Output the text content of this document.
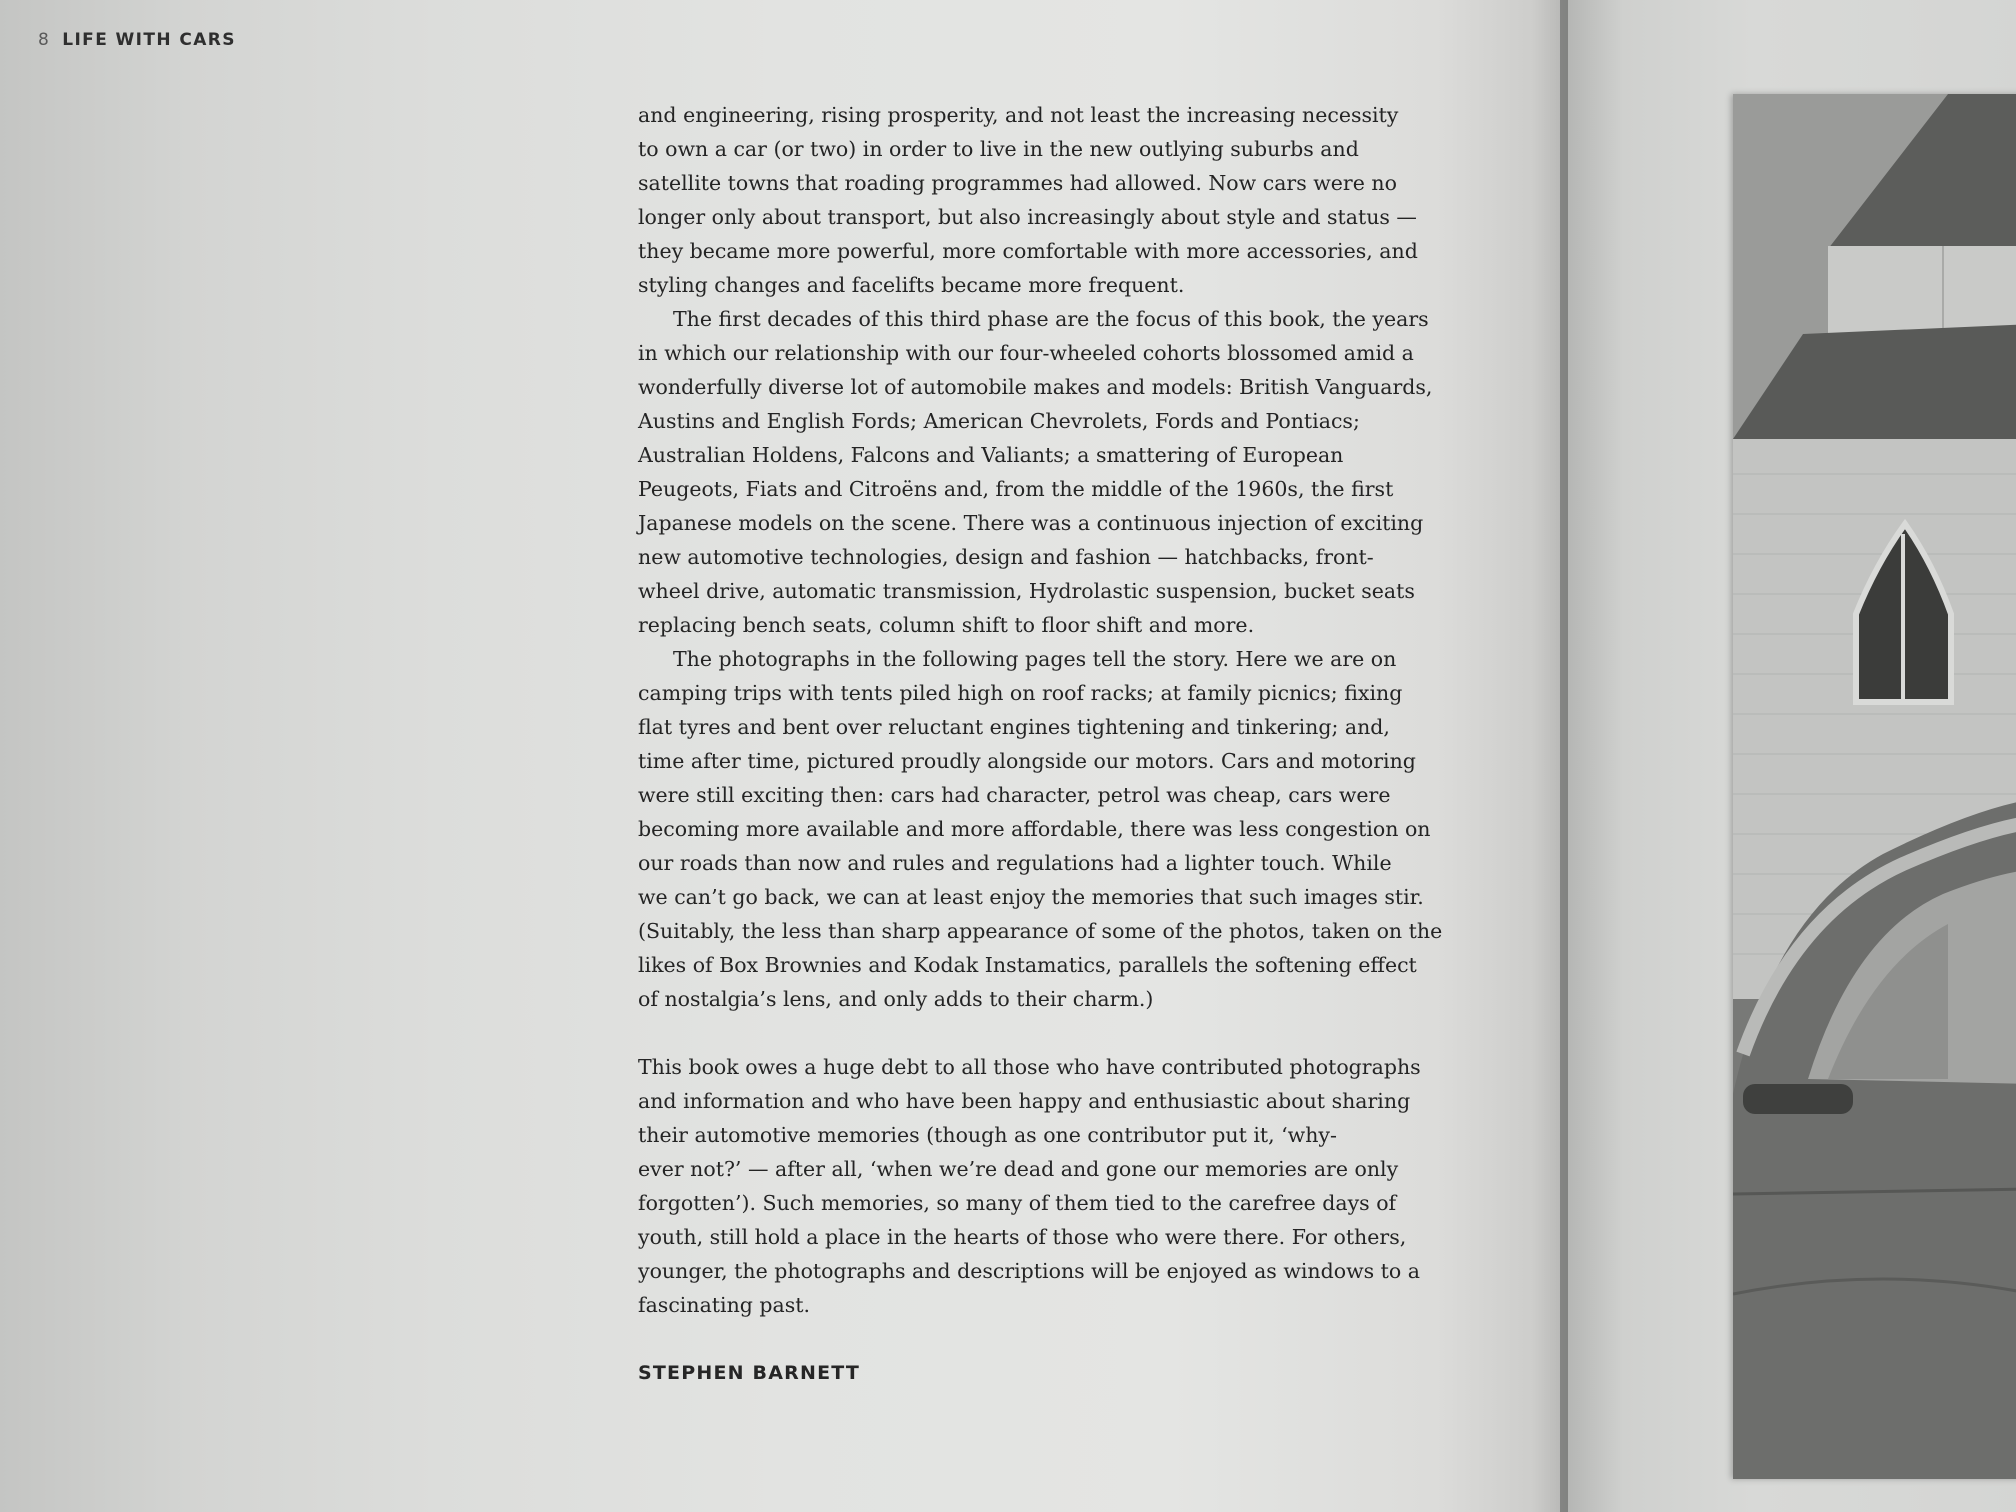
8 LIFE WITH CARS
and engineering, rising prosperity, and not least the increasing necessity
to own a car (or two) in order to live in the new outlying suburbs and
satellite towns that roading programmes had allowed. Now cars were no
longer only about transport, but also increasingly about style and status —
they became more powerful, more comfortable with more accessories, and
styling changes and facelifts became more frequent.
The first decades of this third phase are the focus of this book, the years
in which our relationship with our four-wheeled cohorts blossomed amid a
wonderfully diverse lot of automobile makes and models: British Vanguards,
Austins and English Fords; American Chevrolets, Fords and Pontiacs;
Australian Holdens, Falcons and Valiants; a smattering of European
Peugeots, Fiats and Citroëns and, from the middle of the 1960s, the first
Japanese models on the scene. There was a continuous injection of exciting
new automotive technologies, design and fashion — hatchbacks, front-
wheel drive, automatic transmission, Hydrolastic suspension, bucket seats
replacing bench seats, column shift to floor shift and more.
The photographs in the following pages tell the story. Here we are on
camping trips with tents piled high on roof racks; at family picnics; fixing
flat tyres and bent over reluctant engines tightening and tinkering; and,
time after time, pictured proudly alongside our motors. Cars and motoring
were still exciting then: cars had character, petrol was cheap, cars were
becoming more available and more affordable, there was less congestion on
our roads than now and rules and regulations had a lighter touch. While
we can’t go back, we can at least enjoy the memories that such images stir.
(Suitably, the less than sharp appearance of some of the photos, taken on the
likes of Box Brownies and Kodak Instamatics, parallels the softening effect
of nostalgia’s lens, and only adds to their charm.)
This book owes a huge debt to all those who have contributed photographs
and information and who have been happy and enthusiastic about sharing
their automotive memories (though as one contributor put it, ‘why-
ever not?’ — after all, ‘when we’re dead and gone our memories are only
forgotten’). Such memories, so many of them tied to the carefree days of
youth, still hold a place in the hearts of those who were there. For others,
younger, the photographs and descriptions will be enjoyed as windows to a
fascinating past.
STEPHEN BARNETT
